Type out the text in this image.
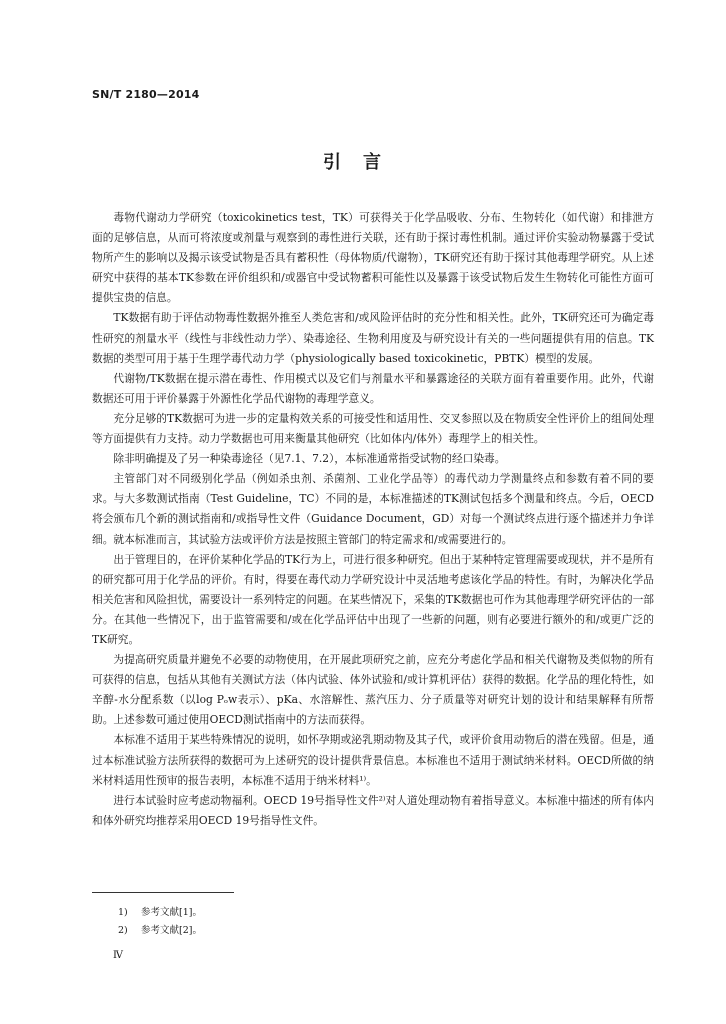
SN/T 2180—2014
引言

毒物代谢动力学研究（toxicokinetics test，TK）可获得关于化学品吸收、分布、生物转化（如代谢）和排泄方面的足够信息，从而可将浓度或剂量与观察到的毒性进行关联，还有助于探讨毒性机制。通过评价实验动物暴露于受试物所产生的影响以及揭示该受试物是否具有蓄积性（母体物质/代谢物），TK研究还有助于探讨其他毒理学研究。从上述研究中获得的基本TK参数在评价组织和/或器官中受试物蓄积可能性以及暴露于该受试物后发生生物转化可能性方面可提供宝贵的信息。

TK数据有助于评估动物毒性数据外推至人类危害和/或风险评估时的充分性和相关性。此外，TK研究还可为确定毒性研究的剂量水平（线性与非线性动力学）、染毒途径、生物利用度及与研究设计有关的一些问题提供有用的信息。TK数据的类型可用于基于生理学毒代动力学（physiologically based toxicokinetic，PBTK）模型的发展。

代谢物/TK数据在提示潜在毒性、作用模式以及它们与剂量水平和暴露途径的关联方面有着重要作用。此外，代谢数据还可用于评价暴露于外源性化学品代谢物的毒理学意义。

充分足够的TK数据可为进一步的定量构效关系的可接受性和适用性、交叉参照以及在物质安全性评价上的组间处理等方面提供有力支持。动力学数据也可用来衡量其他研究（比如体内/体外）毒理学上的相关性。

除非明确提及了另一种染毒途径（见7.1、7.2），本标准通常指受试物的经口染毒。

主管部门对不同级别化学品（例如杀虫剂、杀菌剂、工业化学品等）的毒代动力学测量终点和参数有着不同的要求。与大多数测试指南（Test Guideline，TC）不同的是，本标准描述的TK测试包括多个测量和终点。今后，OECD将会颁布几个新的测试指南和/或指导性文件（Guidance Document，GD）对每一个测试终点进行逐个描述并力争详细。就本标准而言，其试验方法或评价方法是按照主管部门的特定需求和/或需要进行的。

出于管理目的，在评价某种化学品的TK行为上，可进行很多种研究。但出于某种特定管理需要或现状，并不是所有的研究都可用于化学品的评价。有时，得要在毒代动力学研究设计中灵活地考虑该化学品的特性。有时，为解决化学品相关危害和风险担忧，需要设计一系列特定的问题。在某些情况下，采集的TK数据也可作为其他毒理学研究评估的一部分。在其他一些情况下，出于监管需要和/或在化学品评估中出现了一些新的问题，则有必要进行额外的和/或更广泛的TK研究。

为提高研究质量并避免不必要的动物使用，在开展此项研究之前，应充分考虑化学品和相关代谢物及类似物的所有可获得的信息，包括从其他有关测试方法（体内试验、体外试验和/或计算机评估）获得的数据。化学品的理化特性，如辛醇-水分配系数（以log Pₒw表示）、pKa、水溶解性、蒸汽压力、分子质量等对研究计划的设计和结果解释有所帮助。上述参数可通过使用OECD测试指南中的方法而获得。

本标准不适用于某些特殊情况的说明，如怀孕期或泌乳期动物及其子代，或评价食用动物后的潜在残留。但是，通过本标准试验方法所获得的数据可为上述研究的设计提供背景信息。本标准也不适用于测试纳米材料。OECD所做的纳米材料适用性预审的报告表明，本标准不适用于纳米材料¹⁾。

进行本试验时应考虑动物福利。OECD 19号指导性文件²⁾对人道处理动物有着指导意义。本标准中描述的所有体内和体外研究均推荐采用OECD 19号指导性文件。

1) 参考文献[1]。
2) 参考文献[2]。
Ⅳ
